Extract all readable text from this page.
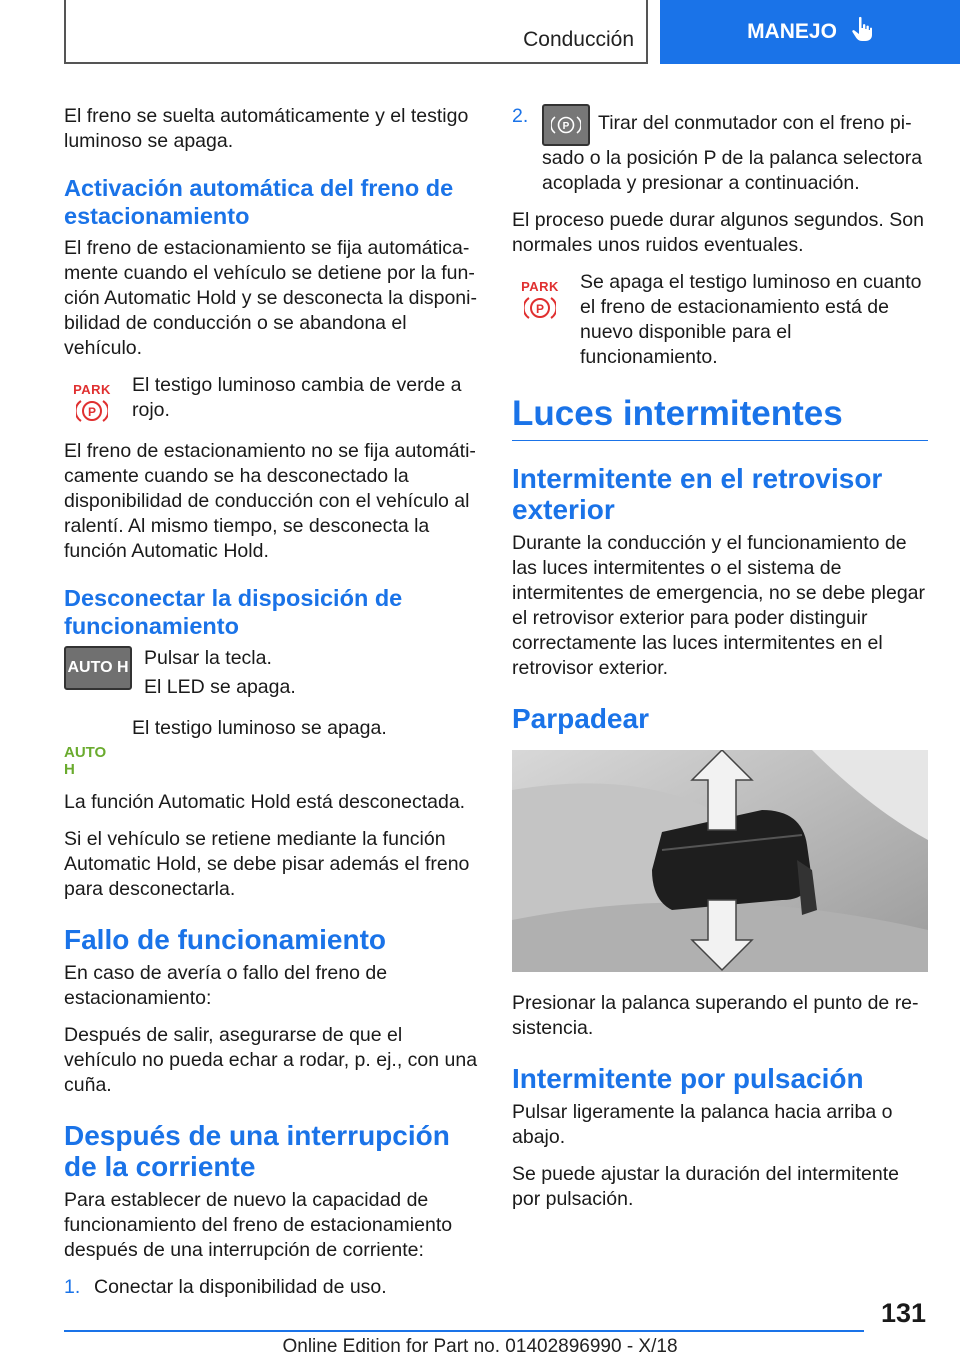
Conducción	MANEJO

El freno se suelta automáticamente y el testigo luminoso se apaga.

Activación automática del freno de estacionamiento

El freno de estacionamiento se fija automáticamente cuando el vehículo se detiene por la función Automatic Hold y se desconecta la disponibilidad de conducción o se abandona el vehículo.

PARK
P

El testigo luminoso cambia de verde a rojo.

El freno de estacionamiento no se fija automáticamente cuando se ha desconectado la disponibilidad de conducción con el vehículo al ralentí. Al mismo tiempo, se desconecta la función Automatic Hold.

Desconectar la disposición de funcionamiento
AUTO H Pulsar la tecla.

El LED se apaga.

AUTO H

El testigo luminoso se apaga.

La función Automatic Hold está desconectada.

Si el vehículo se retiene mediante la función Automatic Hold, se debe pisar además el freno para desconectarla.

Fallo de funcionamiento

En caso de avería o fallo del freno de estacionamiento:

Después de salir, asegurarse de que el vehículo no pueda echar a rodar, p. ej., con una cuña.

Después de una interrupción de la corriente

Para establecer de nuevo la capacidad de funcionamiento del freno de estacionamiento después de una interrupción de corriente:

1. Conectar la disponibilidad de uso.
2.	P Tirar del conmutador con el freno pisado o la posición P de la palanca selectora acoplada y presionar a continuación.

El proceso puede durar algunos segundos. Son normales unos ruidos eventuales.

PARK
P

Se apaga el testigo luminoso en cuanto el freno de estacionamiento está de nuevo disponible para el funcionamiento.

Luces intermitentes
Intermitente en el retrovisor exterior

Durante la conducción y el funcionamiento de las luces intermitentes o el sistema de intermitentes de emergencia, no se debe plegar el retrovisor exterior para poder distinguir correctamente las luces intermitentes en el retrovisor exterior.

Parpadear

Presionar la palanca superando el punto de resistencia.

Intermitente por pulsación

Pulsar ligeramente la palanca hacia arriba o abajo.

Se puede ajustar la duración del intermitente por pulsación.

131
Online Edition for Part no. 01402896990 - X/18
